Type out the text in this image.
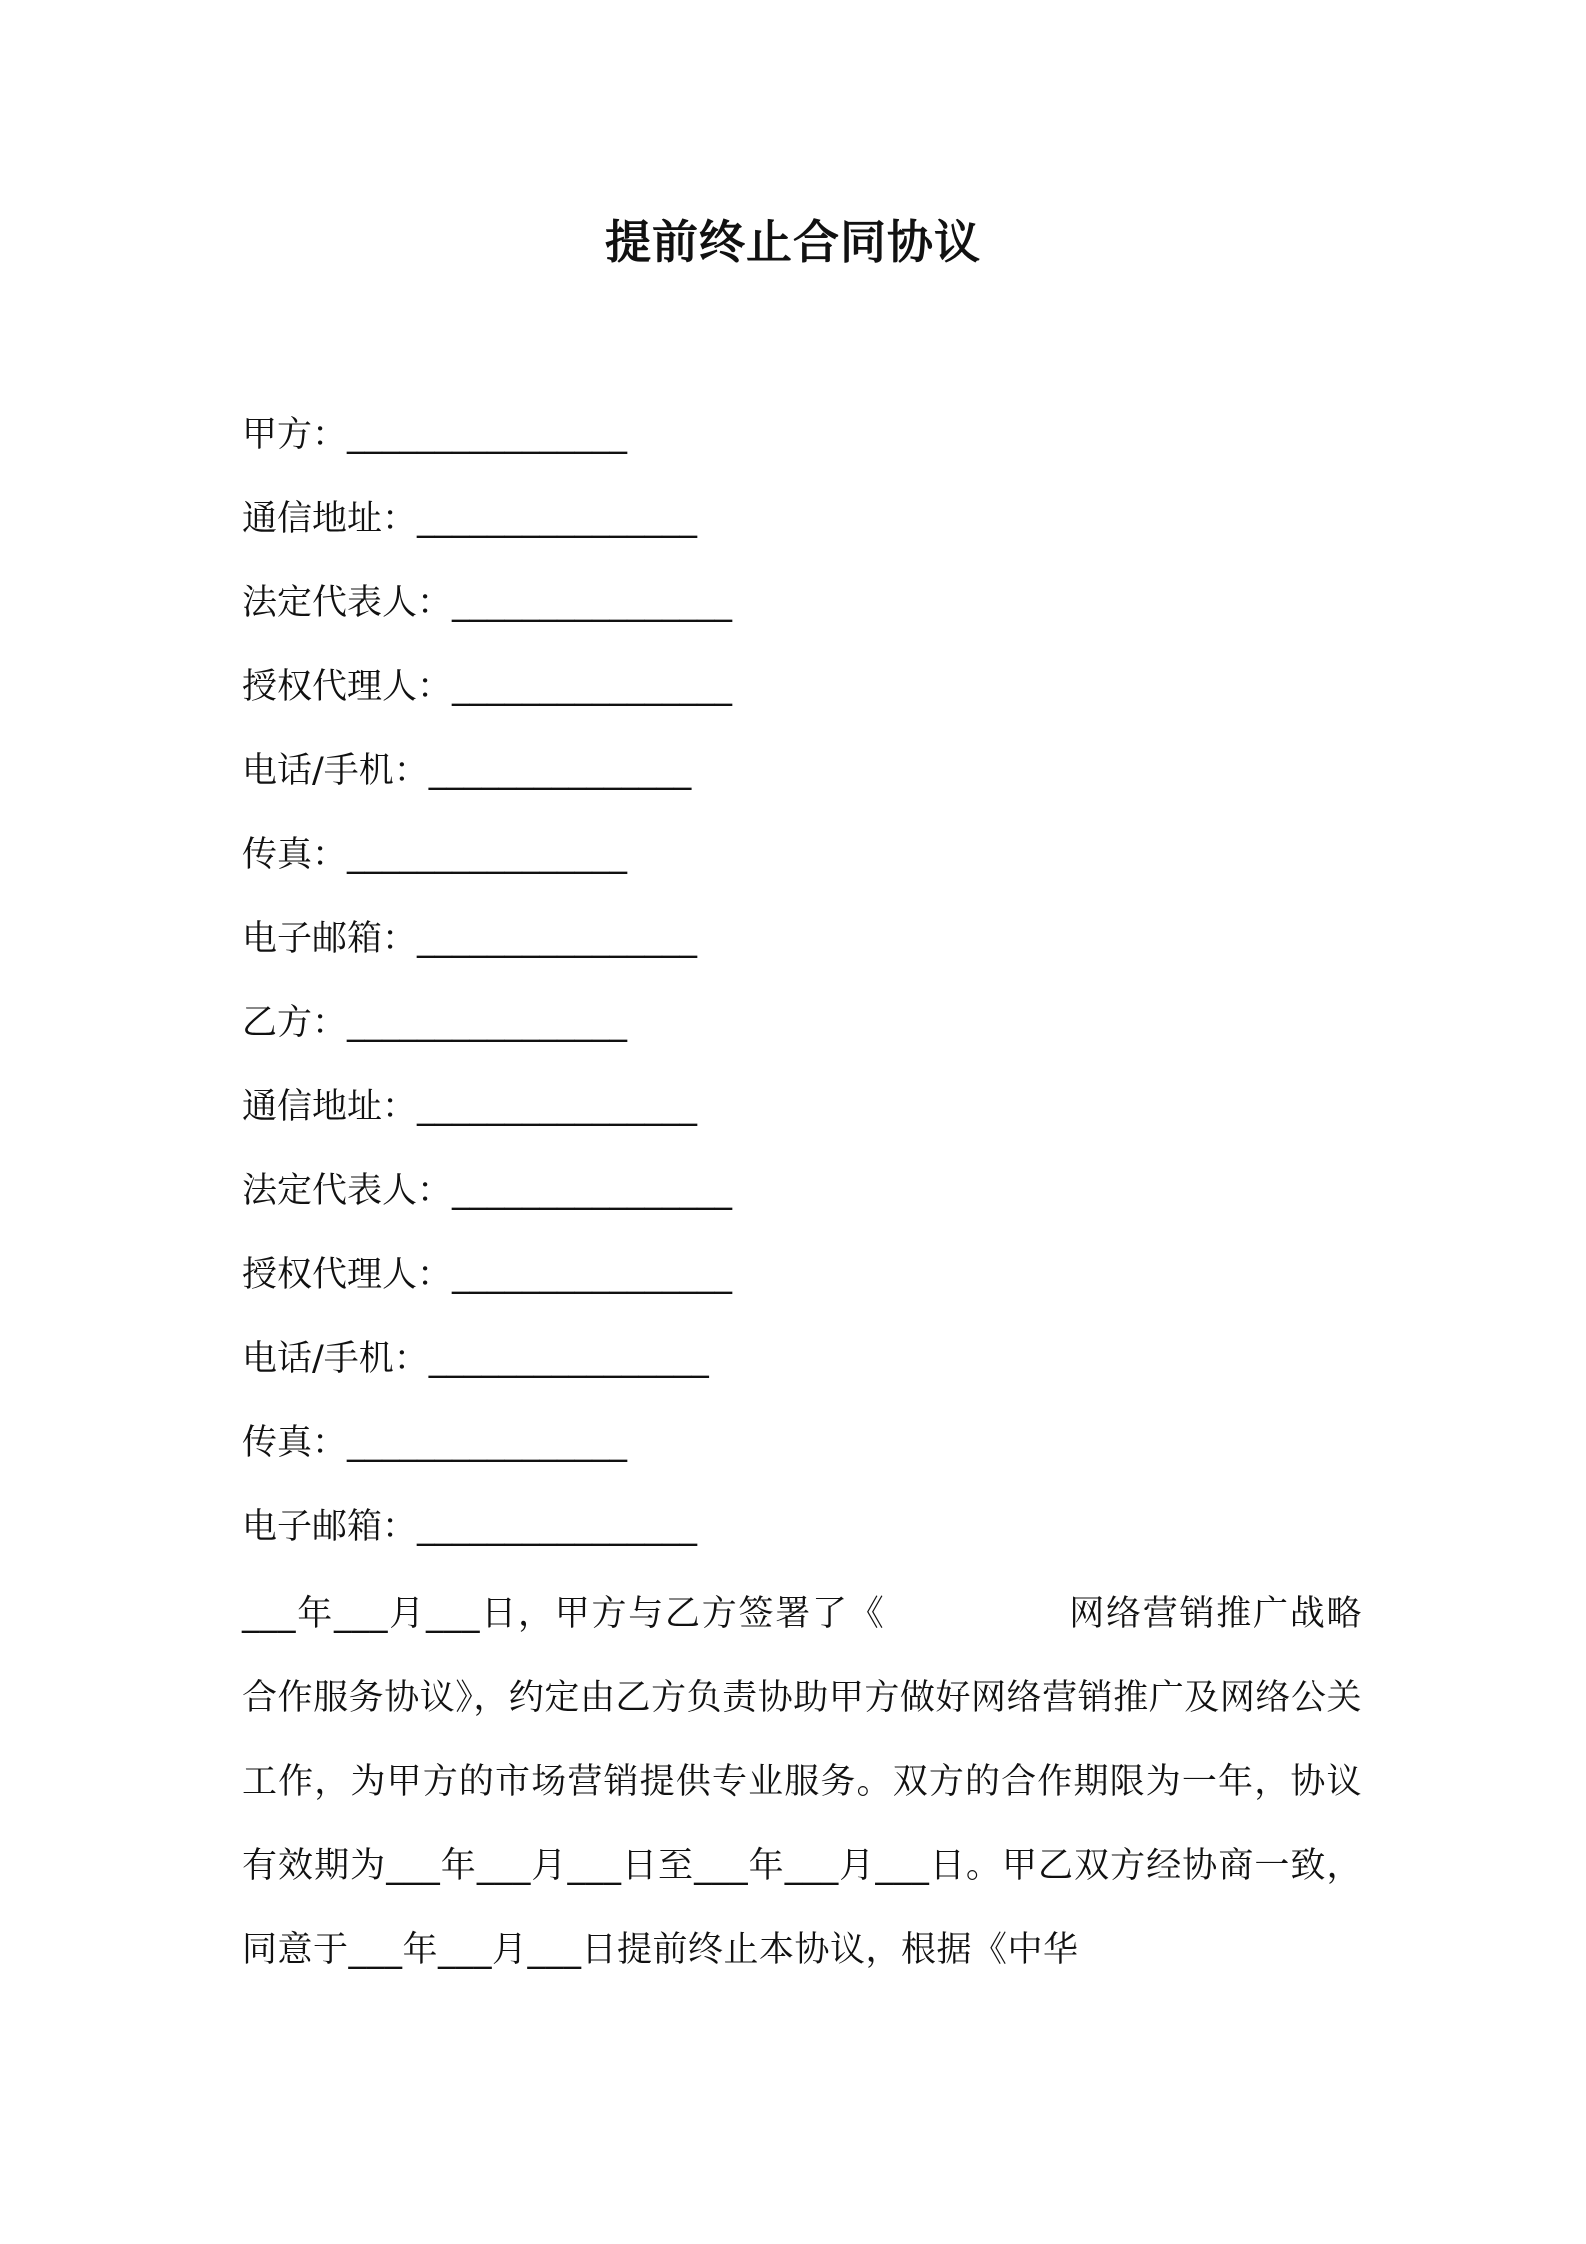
提前终止合同协议
甲方：________________
通信地址：________________
法定代表人：________________
授权代理人：________________
电话/手机：_______________
传真：________________
电子邮箱：________________
乙方：________________
通信地址：________________
法定代表人：________________
授权代理人：________________
电话/手机：________________
传真：________________
电子邮箱：________________

___年___月___日，甲方与乙方签署了《　　　　　网络营销推广战略合作服务协议》，约定由乙方负责协助甲方做好网络营销推广及网络公关工作，为甲方的市场营销提供专业服务。双方的合作期限为一年，协议有效期为___年___月___日至___年___月___日。甲乙双方经协商一致，同意于___年___月___日提前终止本协议，根据《中华
